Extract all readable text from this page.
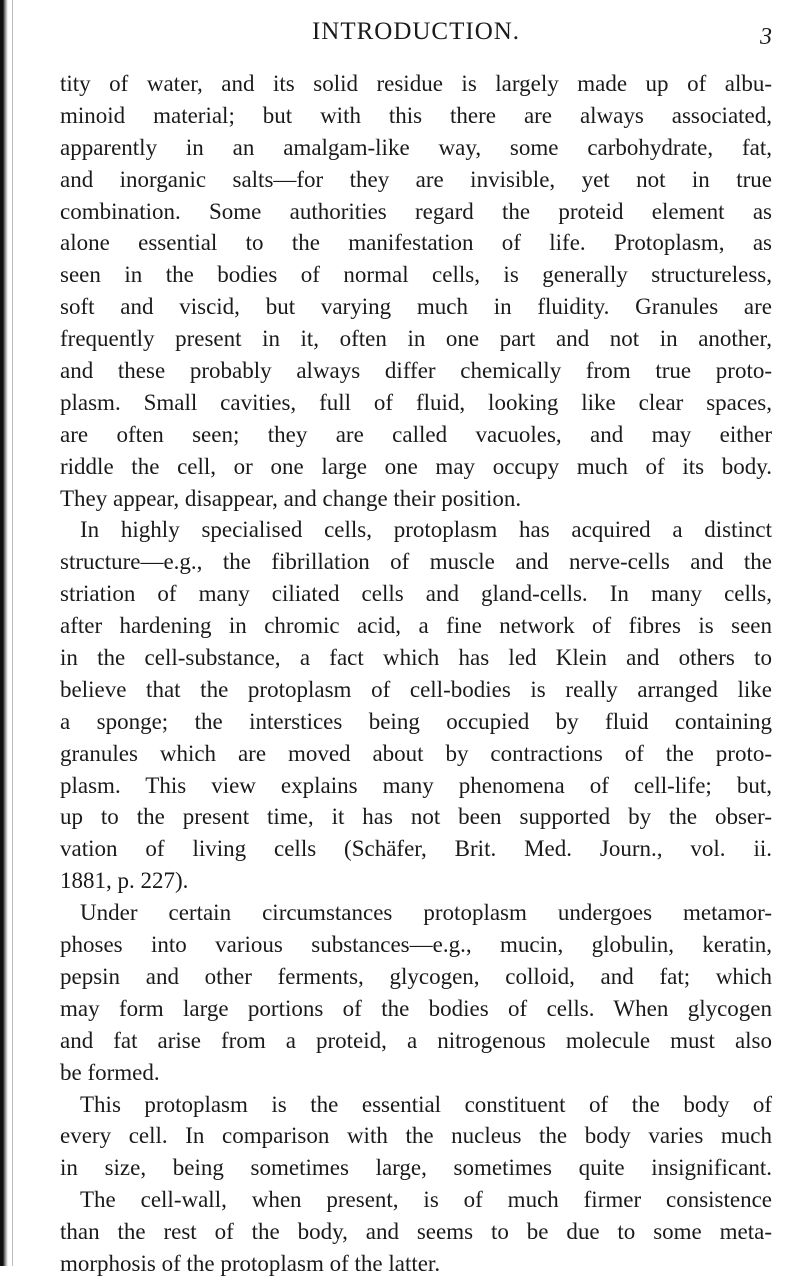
INTRODUCTION.	3
tity of water, and its solid residue is largely made up of albu-
minoid material; but with this there are always associated,
apparently in an amalgam-like way, some carbohydrate, fat,
and inorganic salts—for they are invisible, yet not in true
combination. Some authorities regard the proteid element as
alone essential to the manifestation of life. Protoplasm, as
seen in the bodies of normal cells, is generally structureless,
soft and viscid, but varying much in fluidity. Granules are
frequently present in it, often in one part and not in another,
and these probably always differ chemically from true proto-
plasm. Small cavities, full of fluid, looking like clear spaces,
are often seen; they are called vacuoles, and may either
riddle the cell, or one large one may occupy much of its body.
They appear, disappear, and change their position.
In highly specialised cells, protoplasm has acquired a distinct
structure—e.g., the fibrillation of muscle and nerve-cells and the
striation of many ciliated cells and gland-cells. In many cells,
after hardening in chromic acid, a fine network of fibres is seen
in the cell-substance, a fact which has led Klein and others to
believe that the protoplasm of cell-bodies is really arranged like
a sponge; the interstices being occupied by fluid containing
granules which are moved about by contractions of the proto-
plasm. This view explains many phenomena of cell-life; but,
up to the present time, it has not been supported by the obser-
vation of living cells (Schäfer, Brit. Med. Journ., vol. ii.
1881, p. 227).
Under certain circumstances protoplasm undergoes metamor-
phoses into various substances—e.g., mucin, globulin, keratin,
pepsin and other ferments, glycogen, colloid, and fat; which
may form large portions of the bodies of cells. When glycogen
and fat arise from a proteid, a nitrogenous molecule must also
be formed.
This protoplasm is the essential constituent of the body of
every cell. In comparison with the nucleus the body varies much
in size, being sometimes large, sometimes quite insignificant.
The cell-wall, when present, is of much firmer consistence
than the rest of the body, and seems to be due to some meta-
morphosis of the protoplasm of the latter.
